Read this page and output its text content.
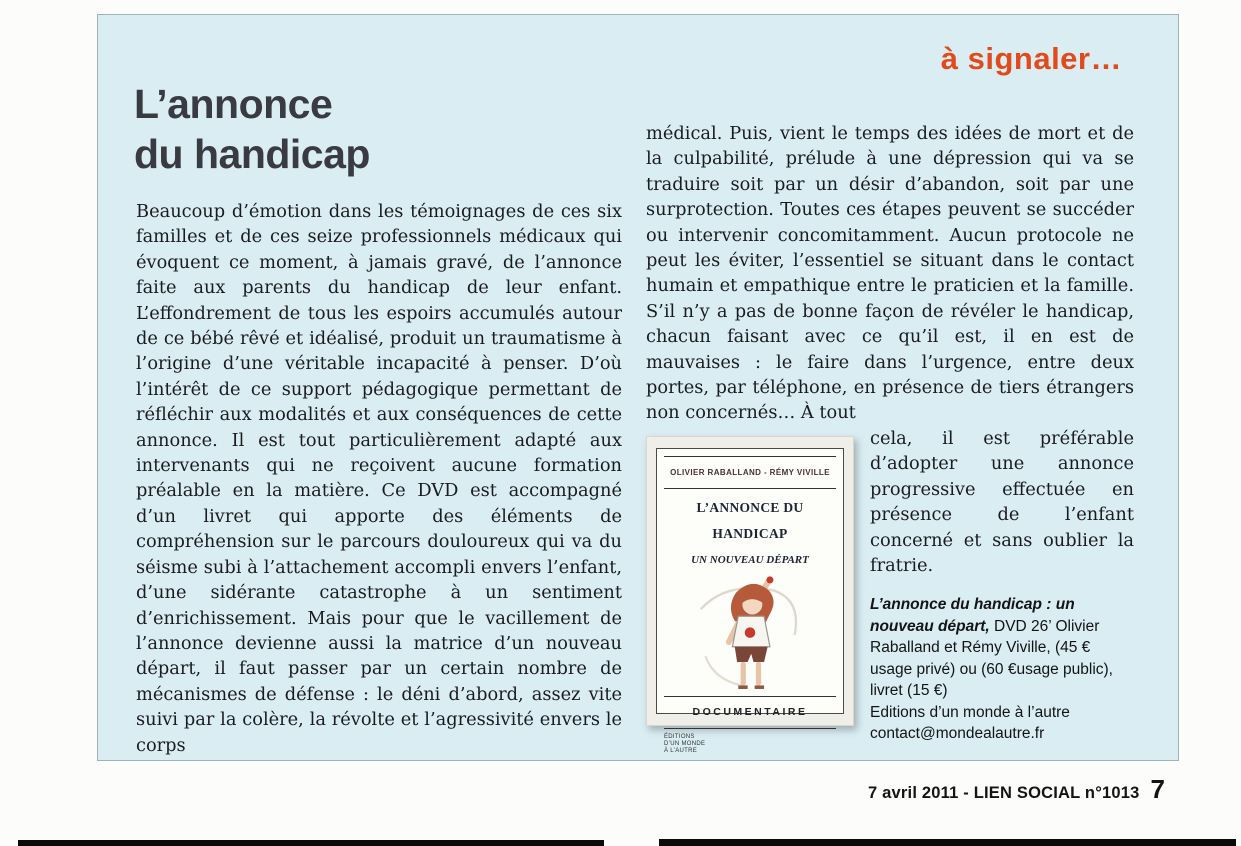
à signaler…
L’annonce
du handicap
Beaucoup d’émotion dans les témoignages de ces six familles et de ces seize professionnels médicaux qui évoquent ce moment, à jamais gravé, de l’annonce faite aux parents du handicap de leur enfant. L’effondrement de tous les espoirs accumulés autour de ce bébé rêvé et idéalisé, produit un traumatisme à l’origine d’une véritable incapacité à penser. D’où l’intérêt de ce support pédagogique permettant de réfléchir aux modalités et aux conséquences de cette annonce. Il est tout particulièrement adapté aux intervenants qui ne reçoivent aucune formation préalable en la matière. Ce DVD est accompagné d’un livret qui apporte des éléments de compréhension sur le parcours douloureux qui va du séisme subi à l’attachement accompli envers l’enfant, d’une sidérante catastrophe à un sentiment d’enrichissement. Mais pour que le vacillement de l’annonce devienne aussi la matrice d’un nouveau départ, il faut passer par un certain nombre de mécanismes de défense : le déni d’abord, assez vite suivi par la colère, la révolte et l’agressivité envers le corps

médical. Puis, vient le temps des idées de mort et de la culpabilité, prélude à une dépression qui va se traduire soit par un désir d’abandon, soit par une surprotection. Toutes ces étapes peuvent se succéder ou intervenir concomitamment. Aucun protocole ne peut les éviter, l’essentiel se situant dans le contact humain et empathique entre le praticien et la famille. S’il n’y a pas de bonne façon de révéler le handicap, chacun faisant avec ce qu’il est, il en est de mauvaises : le faire dans l’urgence, entre deux portes, par téléphone, en présence de tiers étrangers non concernés… À tout

OLIVIER RABALLAND - RÉMY VIVILLE
L’ANNONCE DU HANDICAP
UN NOUVEAU DÉPART
DOCUMENTAIRE
ÉDITIONS
D’UN MONDE
À L’AUTRE

cela, il est préférable d’adopter une annonce progressive effectuée en présence de l’enfant concerné et sans oublier la fratrie.

L’annonce du handicap : un nouveau départ, DVD 26’ Olivier Raballand et Rémy Viville, (45 € usage privé) ou (60 €usage public), livret (15 €)
Editions d’un monde à l’autre
contact@mondealautre.fr
7 avril 2011 - LIEN SOCIAL n°1013 7
